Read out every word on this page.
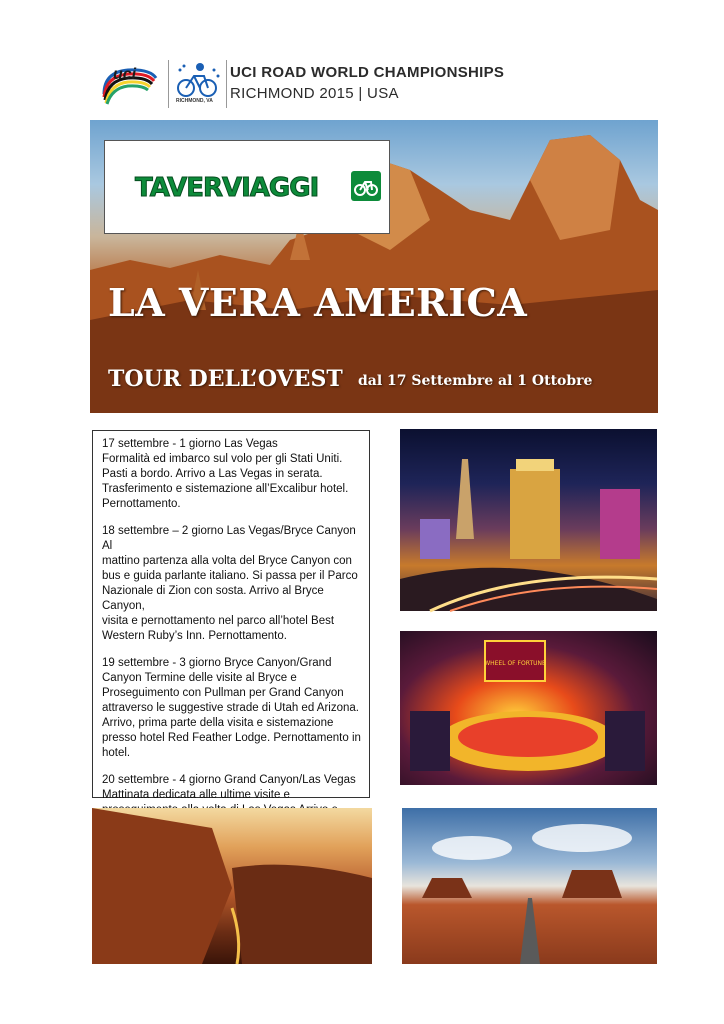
uci
RICHMOND, VA
UCI ROAD WORLD CHAMPIONSHIPS
RICHMOND 2015 | USA
TAVERVIAGGI
LA VERA AMERICA
TOUR DELL’OVEST dal 17 Settembre al 1 Ottobre

17 settembre - 1 giorno Las Vegas
Formalità ed imbarco sul volo per gli Stati Uniti.
Pasti a bordo. Arrivo a Las Vegas in serata.
Trasferimento e sistemazione all’Excalibur hotel.
Pernottamento.

18 settembre – 2 giorno Las Vegas/Bryce Canyon Al
mattino partenza alla volta del Bryce Canyon con
bus e guida parlante italiano. Si passa per il Parco
Nazionale di Zion con sosta. Arrivo al Bryce Canyon,
visita e pernottamento nel parco all’hotel Best
Western Ruby’s Inn. Pernottamento.

19 settembre - 3 giorno Bryce Canyon/Grand
Canyon Termine delle visite al Bryce e
Proseguimento con Pullman per Grand Canyon
attraverso le suggestive strade di Utah ed Arizona.
Arrivo, prima parte della visita e sistemazione
presso hotel Red Feather Lodge. Pernottamento in
hotel.

20 settembre - 4 giorno Grand Canyon/Las Vegas
Mattinata dedicata alle ultime visite e

WHEEL OF FORTUNE
